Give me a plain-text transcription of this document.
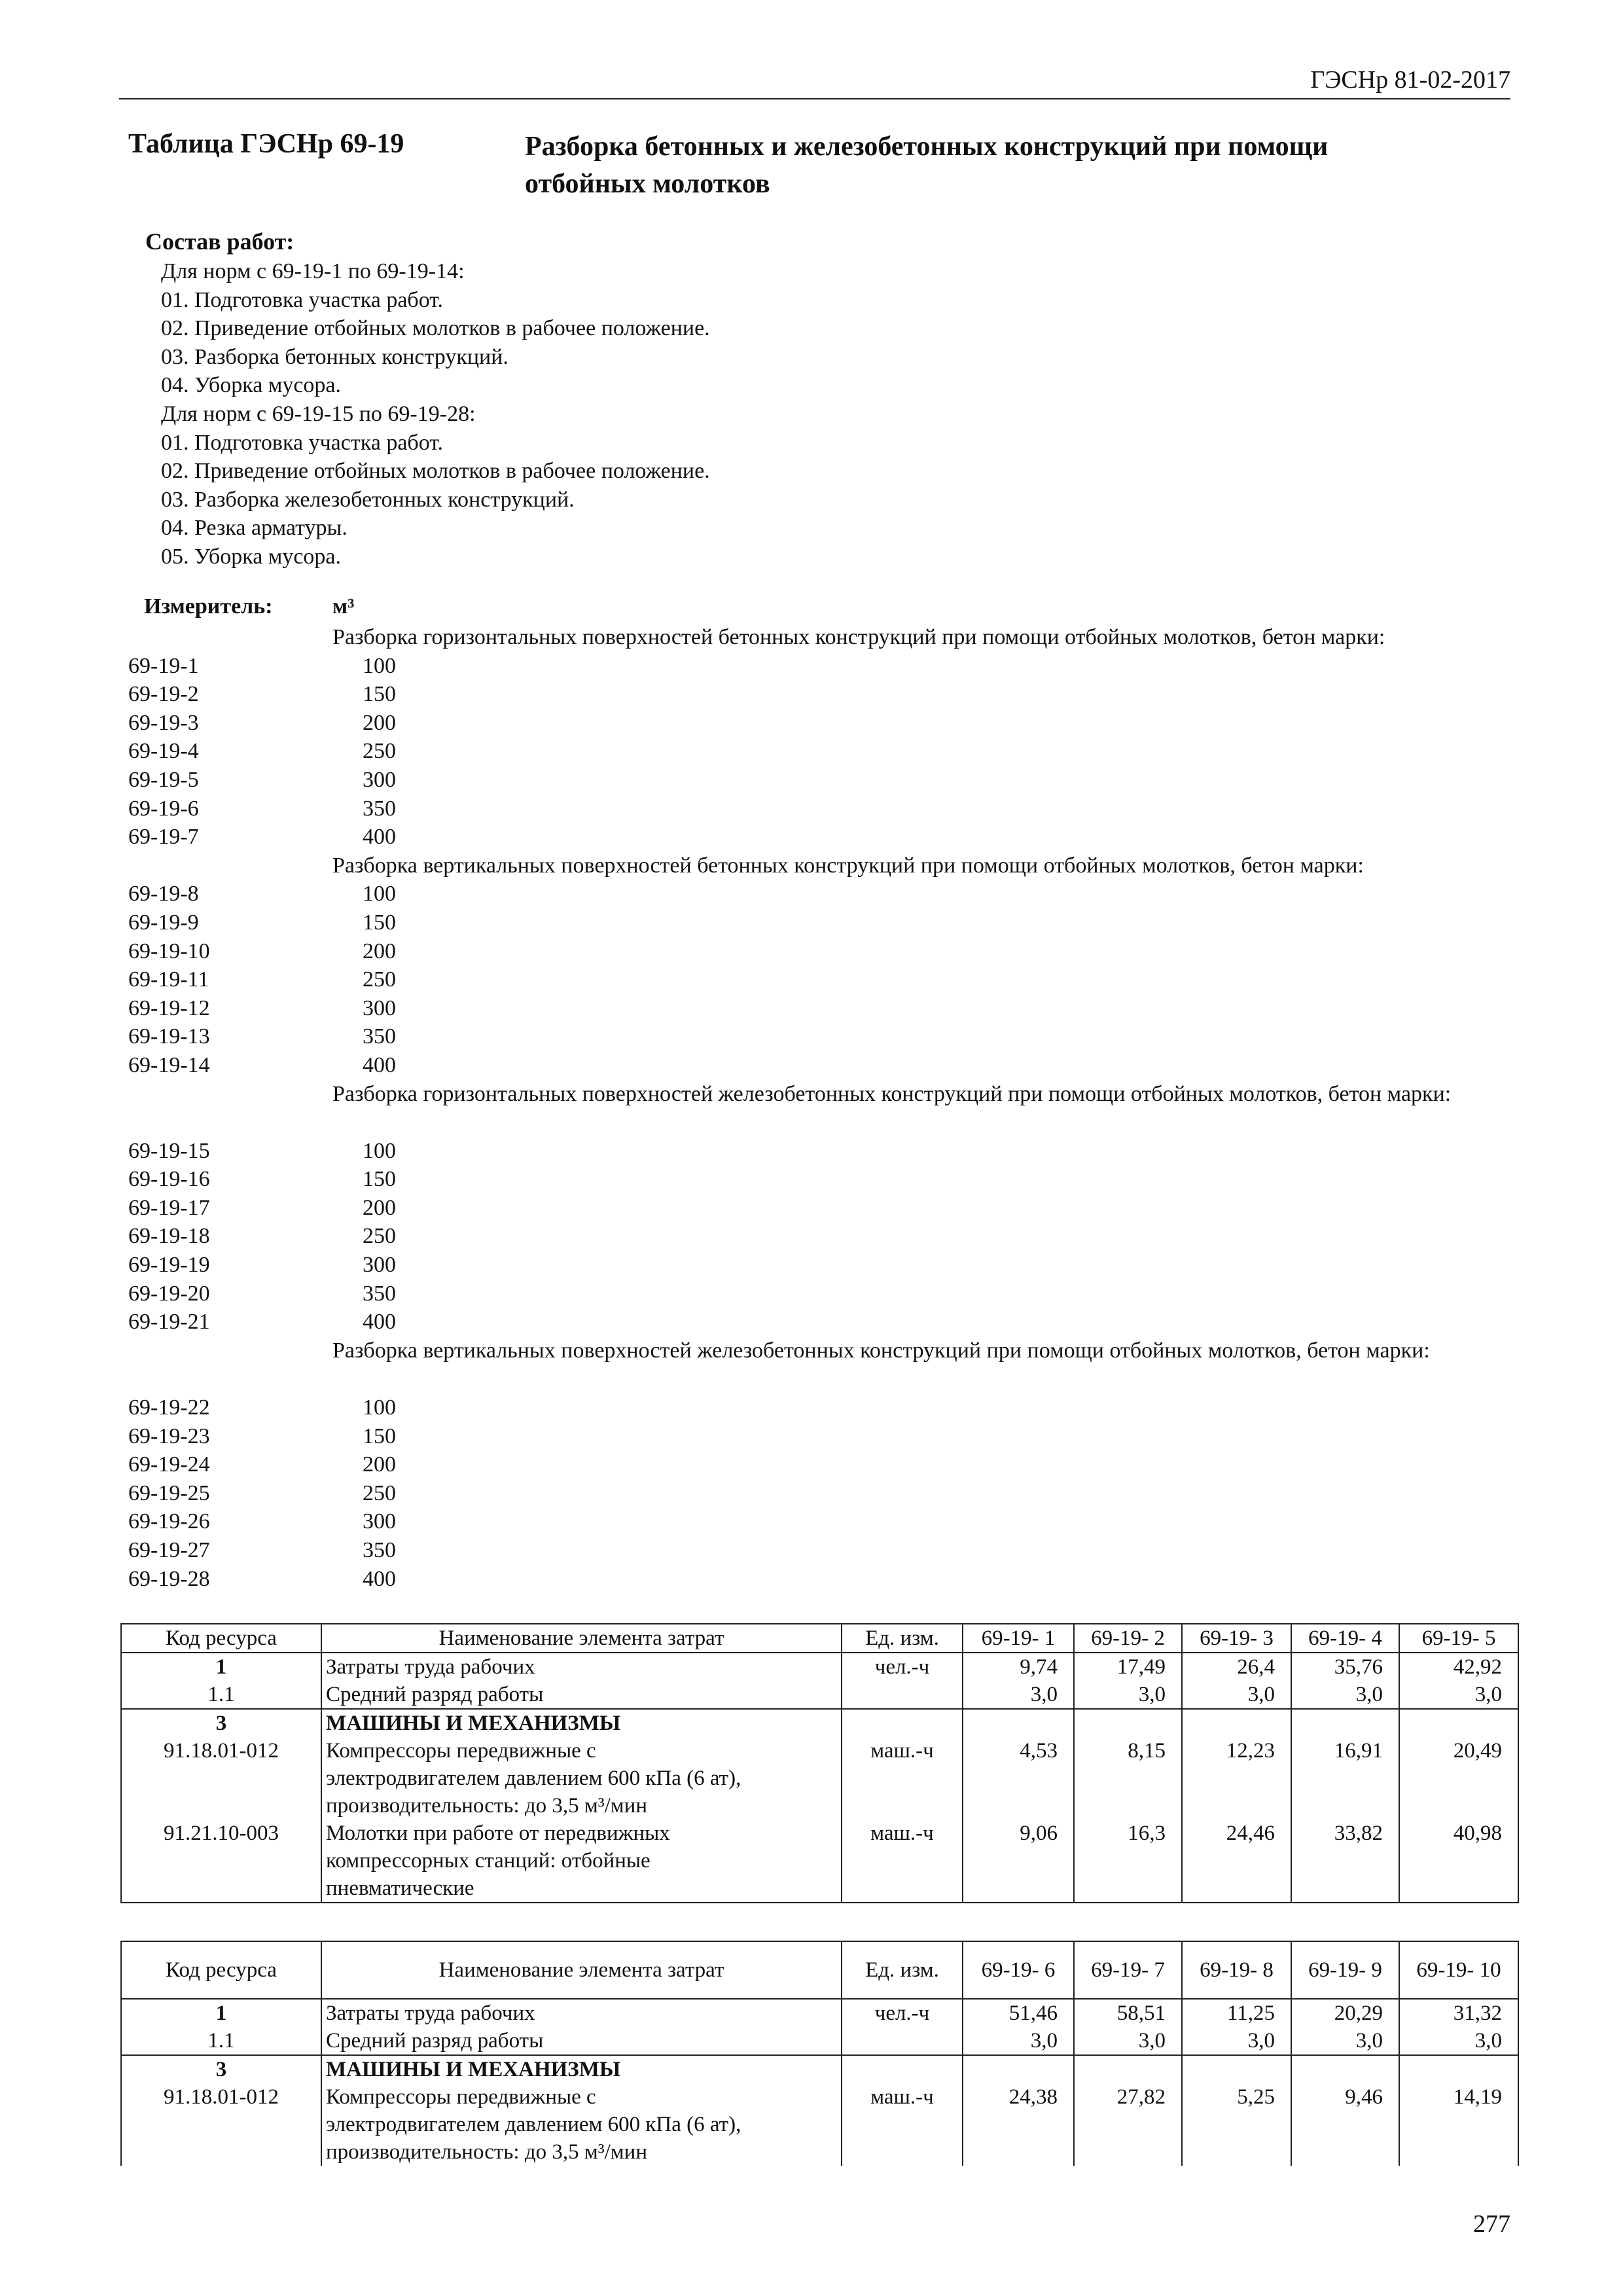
ГЭСНр 81-02-2017
Таблица ГЭСНр 69-19	Разборка бетонных и железобетонных конструкций при помощи отбойных молотков
Состав работ:
Для норм с 69-19-1 по 69-19-14:
01. Подготовка участка работ.
02. Приведение отбойных молотков в рабочее положение.
03. Разборка бетонных конструкций.
04. Уборка мусора.
Для норм с 69-19-15 по 69-19-28:
01. Подготовка участка работ.
02. Приведение отбойных молотков в рабочее положение.
03. Разборка железобетонных конструкций.
04. Резка арматуры.
05. Уборка мусора.
Измеритель:	м³
Разборка горизонтальных поверхностей бетонных конструкций при помощи отбойных молотков, бетон марки:
69-19-1	100
69-19-2	150
69-19-3	200
69-19-4	250
69-19-5	300
69-19-6	350
69-19-7	400
Разборка вертикальных поверхностей бетонных конструкций при помощи отбойных молотков, бетон марки:
69-19-8	100
69-19-9	150
69-19-10	200
69-19-11	250
69-19-12	300
69-19-13	350
69-19-14	400
Разборка горизонтальных поверхностей железобетонных конструкций при помощи отбойных молотков, бетон марки:
69-19-15	100
69-19-16	150
69-19-17	200
69-19-18	250
69-19-19	300
69-19-20	350
69-19-21	400
Разборка вертикальных поверхностей железобетонных конструкций при помощи отбойных молотков, бетон марки:
69-19-22	100
69-19-23	150
69-19-24	200
69-19-25	250
69-19-26	300
69-19-27	350
69-19-28	400
Код ресурса	Наименование элемента затрат	Ед. изм.	69-19- 1	69-19- 2	69-19- 3	69-19- 4	69-19- 5
1	Затраты труда рабочих	чел.-ч	9,74	17,49	26,4	35,76	42,92
1.1	Средний разряд работы		3,0	3,0	3,0	3,0	3,0
3	МАШИНЫ И МЕХАНИЗМЫ						
91.18.01-012	Компрессоры передвижные с
электродвигателем давлением 600 кПа (6 ат),
производительность: до 3,5 м³/мин	маш.-ч	4,53	8,15	12,23	16,91	20,49
91.21.10-003	Молотки при работе от передвижных
компрессорных станций: отбойные
пневматические	маш.-ч	9,06	16,3	24,46	33,82	40,98
Код ресурса	Наименование элемента затрат	Ед. изм.	69-19- 6	69-19- 7	69-19- 8	69-19- 9	69-19- 10
1	Затраты труда рабочих	чел.-ч	51,46	58,51	11,25	20,29	31,32
1.1	Средний разряд работы		3,0	3,0	3,0	3,0	3,0
3	МАШИНЫ И МЕХАНИЗМЫ						
91.18.01-012	Компрессоры передвижные с
электродвигателем давлением 600 кПа (6 ат),
производительность: до 3,5 м³/мин	маш.-ч	24,38	27,82	5,25	9,46	14,19
277
